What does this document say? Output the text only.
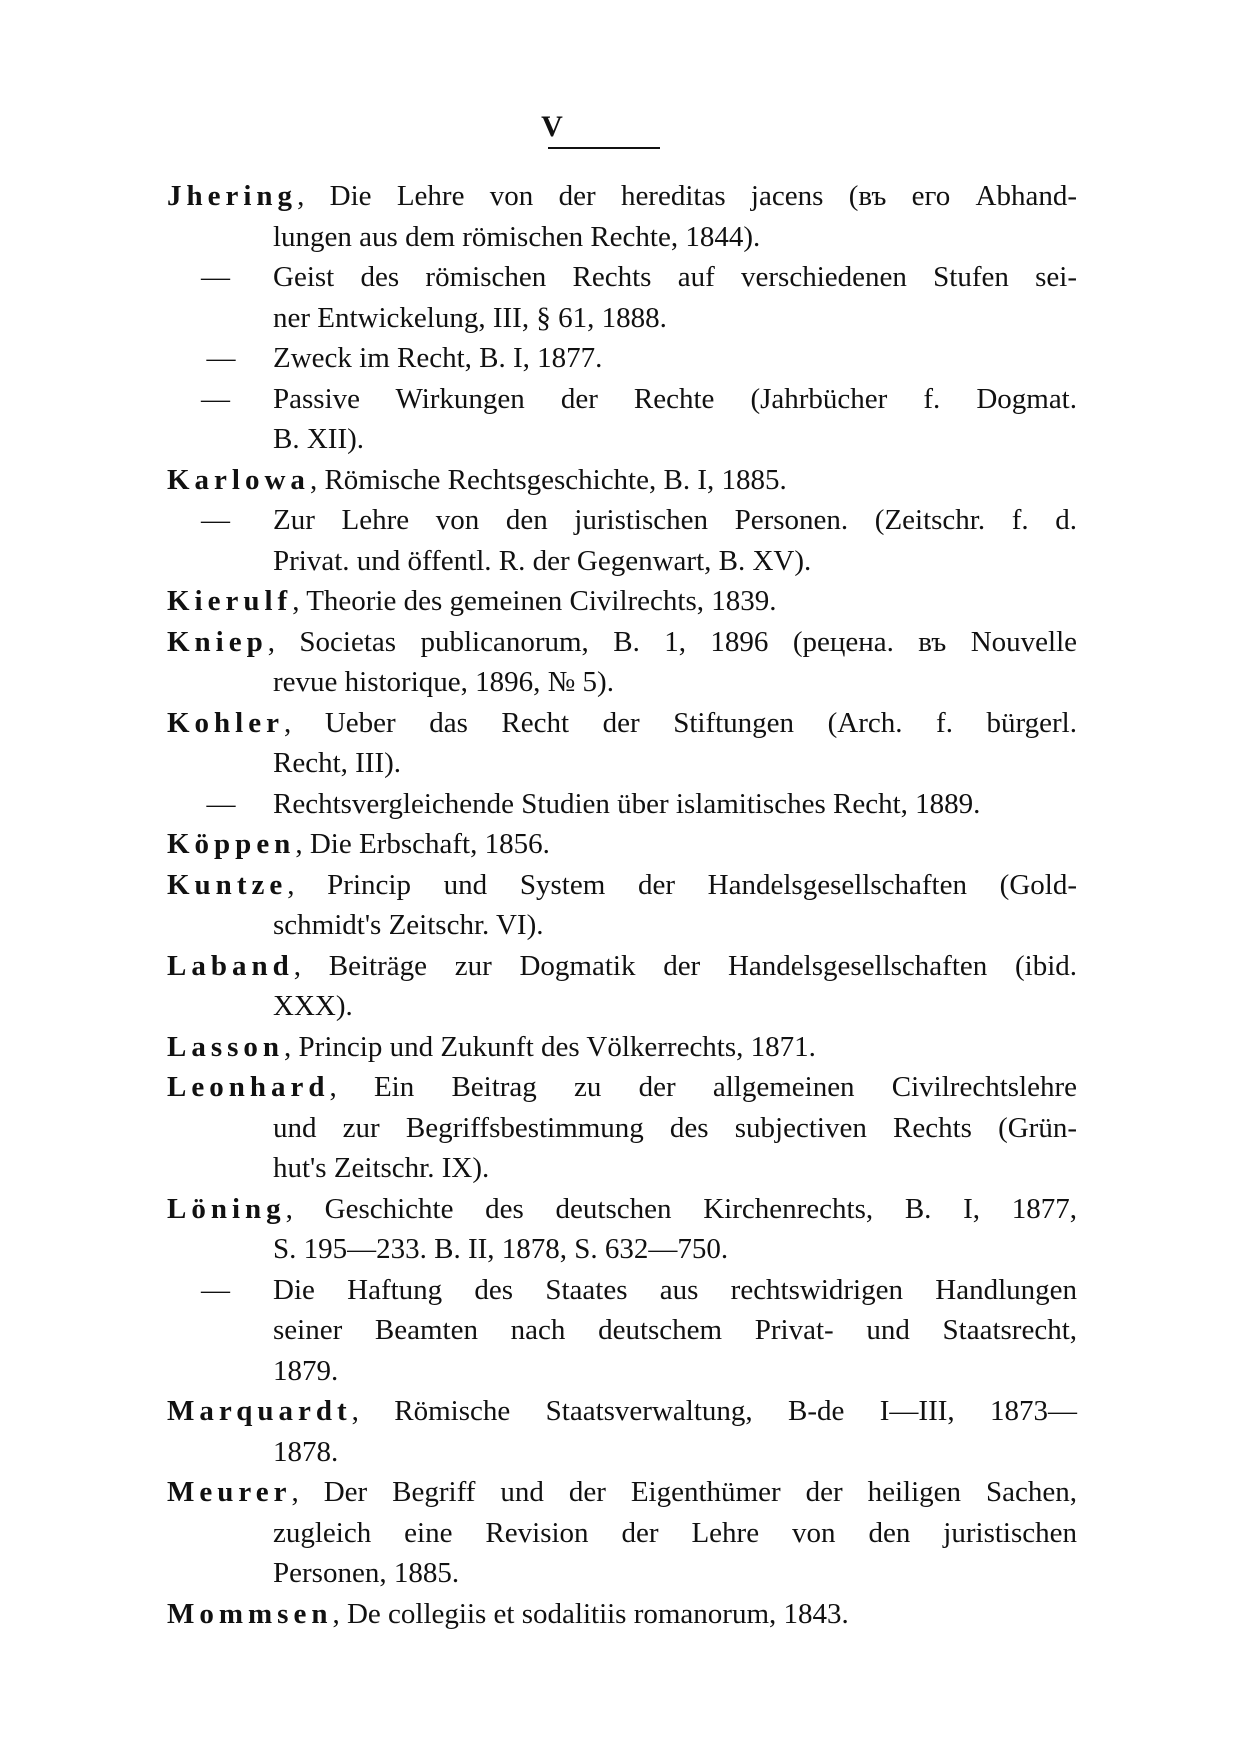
V
Jhering, Die Lehre von der hereditas jacens (въ его Abhand-
lungen aus dem römischen Rechte, 1844).
—	Geist des römischen Rechts auf verschiedenen Stufen sei-
ner Entwickelung, III, § 61, 1888.
— Zweck im Recht, B. I, 1877.
—	Passive Wirkungen der Rechte (Jahrbücher f. Dogmat.
B. XII).
Karlowa, Römische Rechtsgeschichte, B. I, 1885.
—	Zur Lehre von den juristischen Personen. (Zeitschr. f. d.
Privat. und öffentl. R. der Gegenwart, B. XV).
Kierulf, Theorie des gemeinen Civilrechts, 1839.
Kniep, Societas publicanorum, B. 1, 1896 (рецена. въ Nouvelle
revue historique, 1896, № 5).
Kohler, Ueber das Recht der Stiftungen (Arch. f. bürgerl.
Recht, III).
— Rechtsvergleichende Studien über islamitisches Recht, 1889.
Köppen, Die Erbschaft, 1856.
Kuntze, Princip und System der Handelsgesellschaften (Gold-
schmidt's Zeitschr. VI).
Laband, Beiträge zur Dogmatik der Handelsgesellschaften (ibid.
XXX).
Lasson, Princip und Zukunft des Völkerrechts, 1871.
Leonhard, Ein Beitrag zu der allgemeinen Civilrechtslehre
und zur Begriffsbestimmung des subjectiven Rechts (Grün-
hut's Zeitschr. IX).
Löning, Geschichte des deutschen Kirchenrechts, B. I, 1877,
S. 195—233. B. II, 1878, S. 632—750.
—	Die Haftung des Staates aus rechtswidrigen Handlungen
seiner Beamten nach deutschem Privat- und Staatsrecht,
1879.
Marquardt, Römische Staatsverwaltung, B-de I—III, 1873—
1878.
Meurer, Der Begriff und der Eigenthümer der heiligen Sachen,
zugleich eine Revision der Lehre von den juristischen
Personen, 1885.
Mommsen, De collegiis et sodalitiis romanorum, 1843.
